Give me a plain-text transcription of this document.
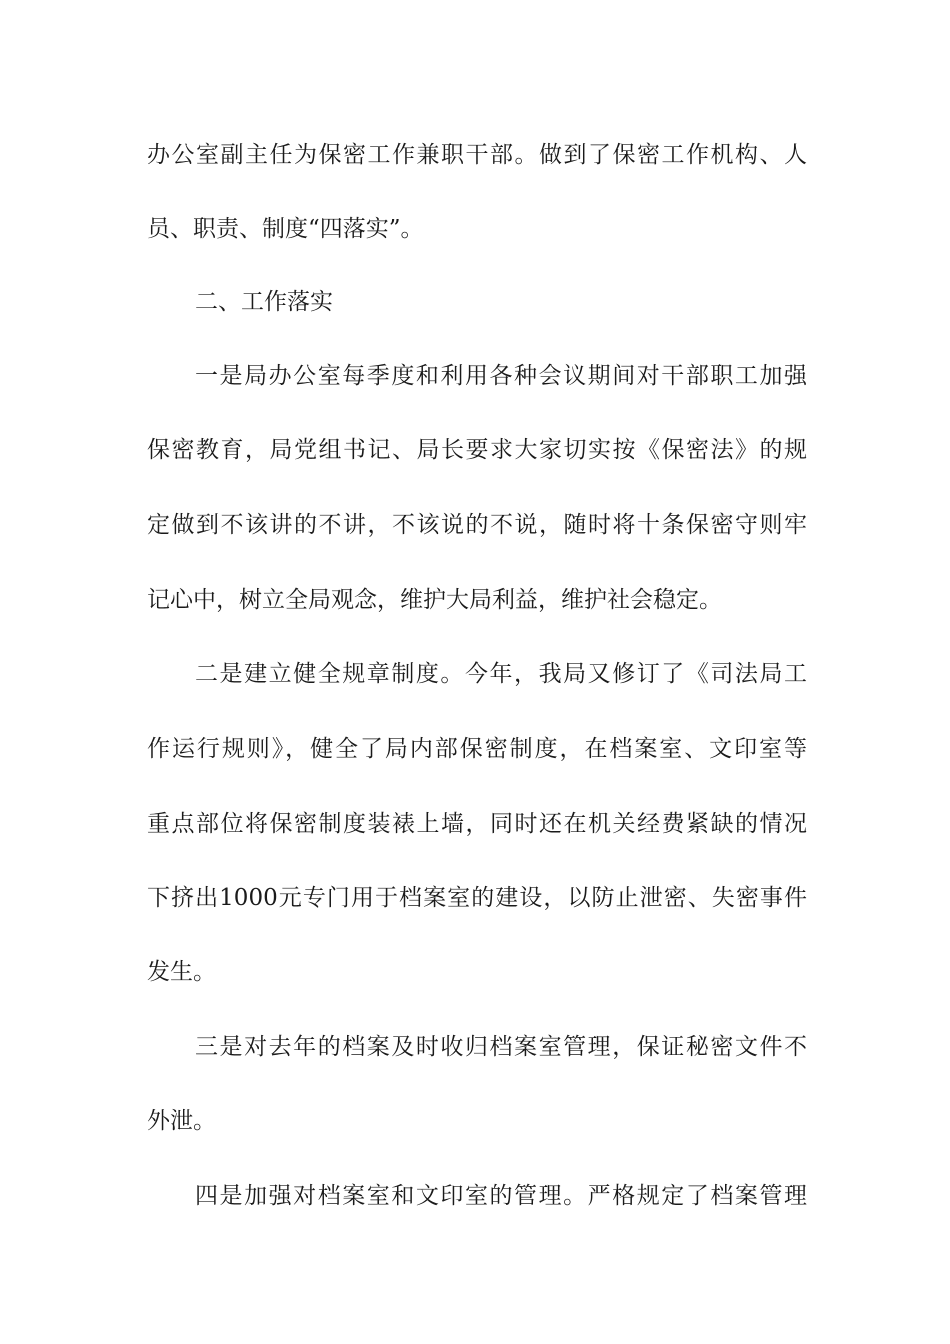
办公室副主任为保密工作兼职干部。做到了保密工作机构、人
员、职责、制度“四落实”。
二、工作落实
一是局办公室每季度和利用各种会议期间对干部职工加强
保密教育，局党组书记、局长要求大家切实按《保密法》的规
定做到不该讲的不讲，不该说的不说，随时将十条保密守则牢
记心中，树立全局观念，维护大局利益，维护社会稳定。
二是建立健全规章制度。今年，我局又修订了《司法局工
作运行规则》，健全了局内部保密制度，在档案室、文印室等
重点部位将保密制度装裱上墙，同时还在机关经费紧缺的情况
下挤出1000元专门用于档案室的建设，以防止泄密、失密事件
发生。
三是对去年的档案及时收归档案室管理，保证秘密文件不
外泄。
四是加强对档案室和文印室的管理。严格规定了档案管理
